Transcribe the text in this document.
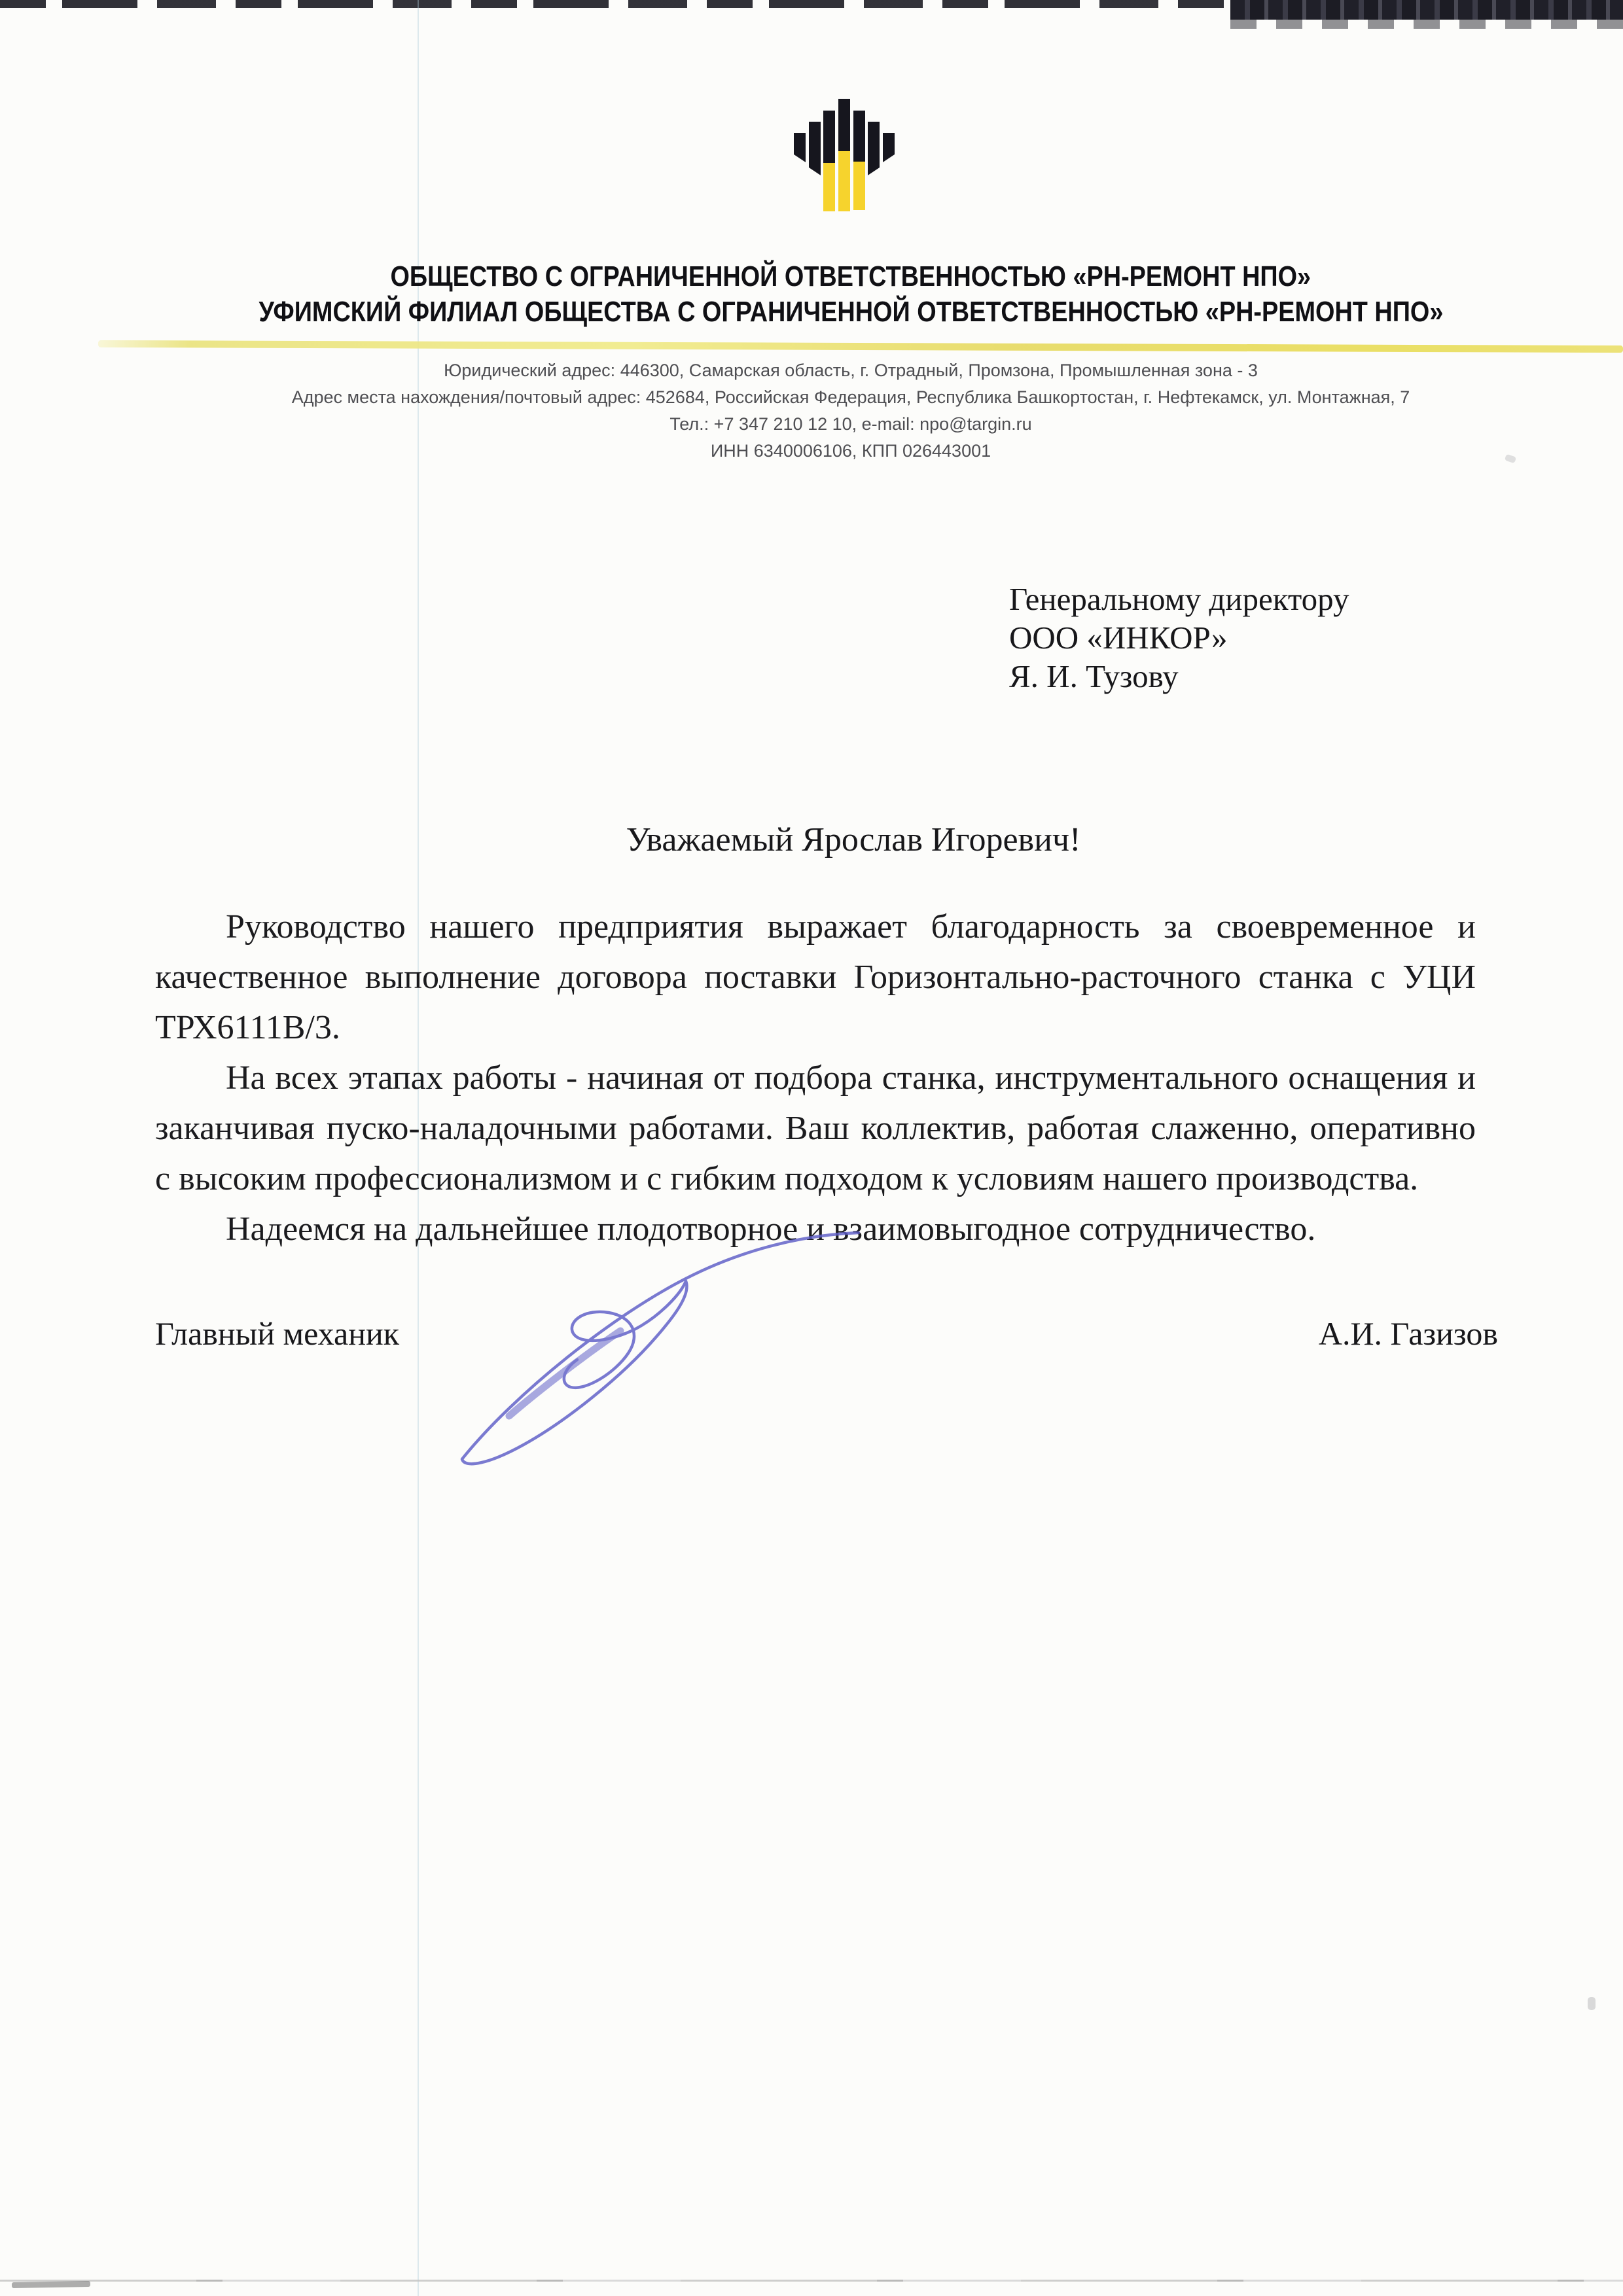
ОБЩЕСТВО С ОГРАНИЧЕННОЙ ОТВЕТСТВЕННОСТЬЮ «РН-РЕМОНТ НПО»
УФИМСКИЙ ФИЛИАЛ ОБЩЕСТВА С ОГРАНИЧЕННОЙ ОТВЕТСТВЕННОСТЬЮ «РН-РЕМОНТ НПО»
Юридический адрес: 446300, Самарская область, г. Отрадный, Промзона, Промышленная зона - 3
Адрес места нахождения/почтовый адрес: 452684, Российская Федерация, Республика Башкортостан, г. Нефтекамск, ул. Монтажная, 7
Тел.: +7 347 210 12 10, e-mail: npo@targin.ru
ИНН 6340006106, КПП 026443001
Генеральному директору
ООО «ИНКОР»
Я. И. Тузову
Уважаемый Ярослав Игоревич!

Руководство нашего предприятия выражает благодарность за своевременное и качественное выполнение договора поставки Горизонтально-расточного станка с УЦИ ТРХ6111В/3.

На всех этапах работы - начиная от подбора станка, инструментального оснащения и заканчивая пуско-наладочными работами. Ваш коллектив, работая слаженно, оперативно с высоким профессионализмом и с гибким подходом к условиям нашего производства.

Надеемся на дальнейшее плодотворное и взаимовыгодное сотрудничество.

Главный механик	А.И. Газизов
